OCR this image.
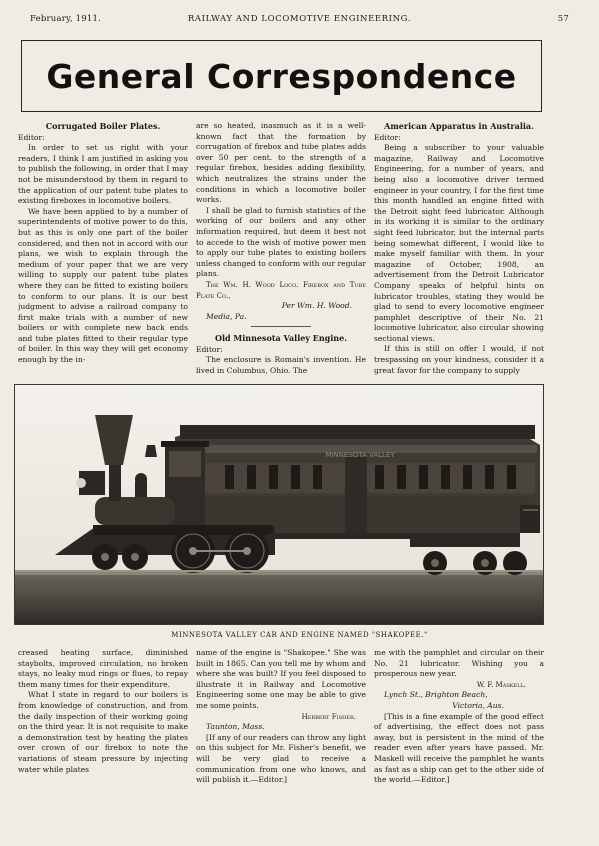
February, 1911.	RAILWAY AND LOCOMOTIVE ENGINEERING.	57
General Correspondence
Corrugated Boiler Plates.

Editor:

In order to set us right with your readers, I think I am justified in asking you to publish the following, in order that I may not be misunderstood by them in regard to the application of our patent tube plates to existing fireboxes in locomotive boilers.

We have been applied to by a number of superintendents of motive power to do this, but as this is only one part of the boiler considered, and then not in accord with our plans, we wish to explain through the medium of your paper that we are very willing to supply our patent tube plates where they can be fitted to existing boilers to conform to our plans. It is our best judgment to advise a railroad company to first make trials with a number of new boilers or with complete new back ends and tube plates fitted to their regular type of boiler. In this way they will get economy enough by the in-

are so heated, inasmuch as it is a well-known fact that the formation by corrugation of firebox and tube plates adds over 50 per cent. to the strength of a regular firebox, besides adding flexibility, which neutralizes the strains under the conditions in which a locomotive boiler works.

I shall be glad to furnish statistics of the working of our boilers and any other information required, but deem it best not to accede to the wish of motive power men to apply our tube plates to existing boilers unless changed to conform with our regular plans.

The Wm. H. Wood Loco. Firebox and Tube Plate Co.,

Per Wm. H. Wood.

Media, Pa.

Old Minnesota Valley Engine.

Editor:

The enclosure is Romain's invention. He lived in Columbus, Ohio. The

American Apparatus in Australia.

Editor:

Being a subscriber to your valuable magazine, Railway and Locomotive Engineering, for a number of years, and being also a locomotive driver termed engineer in your country, I for the first time this month handled an engine fitted with the Detroit sight feed lubricator. Although in its working it is similar to the ordinary sight feed lubricator, but the internal parts being somewhat different, I would like to make myself familiar with them. In your magazine of October, 1908, an advertisement from the Detroit Lubricator Company speaks of helpful hints on lubricator troubles, stating they would be glad to send to every locomotive engineer pamphlet descriptive of their No. 21 locomotive lubricator, also circular showing sectional views.

If this is still on offer I would, if not trespassing on your kindness, consider it a great favor for the company to supply

MINNESOTA VALLEY
MINNESOTA VALLEY CAR AND ENGINE NAMED "SHAKOPEE."

creased heating surface, diminished staybolts, improved circulation, no broken stays, no leaky mud rings or flues, to repay them many times for their expenditure.

What I state in regard to our boilers is from knowledge of construction, and from the daily inspection of their working going on the third year. It is not requisite to make a demonstration test by heating the plates over crown of our firebox to note the variations of steam pressure by injecting water while plates

name of the engine is "Shakopee." She was built in 1865. Can you tell me by whom and where she was built? If you feel disposed to illustrate it in Railway and Locomotive Engineering some one may be able to give me some points.

Herbert Fisher.

Taunton, Mass.

[If any of our readers can throw any light on this subject for Mr. Fisher's benefit, we will be very glad to receive a communication from one who knows, and will publish it.—Editor.]

me with the pamphlet and circular on their No. 21 lubricator. Wishing you a prosperous new year.

W. F. Maskell.

Lynch St., Brighton Beach,

Victoria, Aus.

[This is a fine example of the good effect of advertising, the effect does not pass away, but is persistent in the mind of the reader even after years have passed. Mr. Maskell will receive the pamphlet he wants as fast as a ship can get to the other side of the world.—Editor.]
